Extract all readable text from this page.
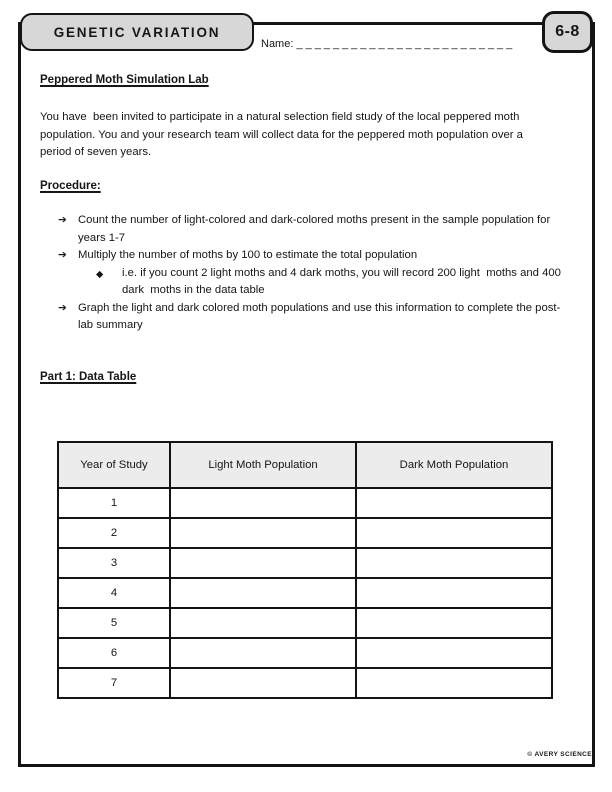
GENETIC VARIATION	6-8
Name: ________________________
Peppered Moth Simulation Lab
You have  been invited to participate in a natural selection field study of the local peppered moth population. You and your research team will collect data for the peppered moth population over a period of seven years.
Procedure:
➔ Count the number of light-colored and dark-colored moths present in the sample population for years 1-7
➔ Multiply the number of moths by 100 to estimate the total population
◆	i.e. if you count 2 light moths and 4 dark moths, you will record 200 light  moths and 400 dark  moths in the data table
➔ Graph the light and dark colored moth populations and use this information to complete the post-lab summary
Part 1: Data Table
Year of Study	Light Moth Population	Dark Moth Population
1		
2		
3		
4		
5		
6		
7		
© AVERY SCIENCE
